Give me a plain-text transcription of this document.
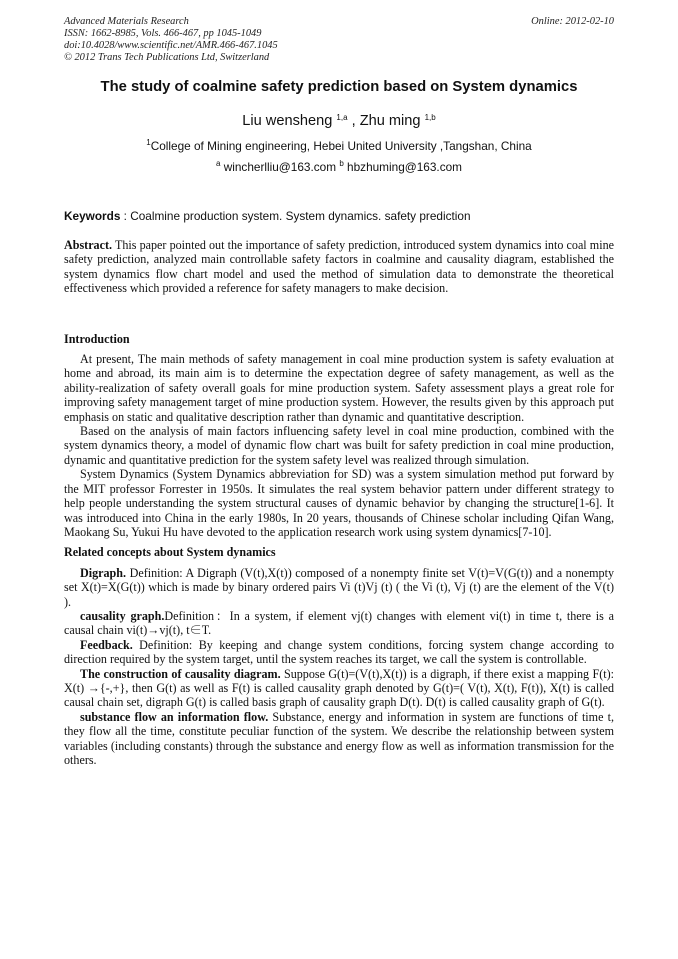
Advanced Materials Research
ISSN: 1662-8985, Vols. 466-467, pp 1045-1049
doi:10.4028/www.scientific.net/AMR.466-467.1045
© 2012 Trans Tech Publications Ltd, Switzerland
Online: 2012-02-10
The study of coalmine safety prediction based on System dynamics
Liu wensheng $^{1,a}$ , Zhu ming $^{1,b}$
$^1$College of Mining engineering, Hebei United University ,Tangshan, China
$^a$ wincherlliu@163.com $^b$ hbzhuming@163.com
Keywords : Coalmine production system. System dynamics. safety prediction

Abstract. This paper pointed out the importance of safety prediction, introduced system dynamics into coal mine safety prediction, analyzed main controllable safety factors in coalmine and causality diagram, established the system dynamics flow chart model and used the method of simulation data to demonstrate the theoretical effectiveness which provided a reference for safety managers to make decision.

Introduction

At present, The main methods of safety management in coal mine production system is safety evaluation at home and abroad, its main aim is to determine the expectation degree of safety management, as well as the ability-realization of safety overall goals for mine production system. Safety assessment plays a great role for improving safety management target of mine production system. However, the results given by this approach put emphasis on static and qualitative description rather than dynamic and quantitative description.

Based on the analysis of main factors influencing safety level in coal mine production, combined with the system dynamics theory, a model of dynamic flow chart was built for safety prediction in coal mine production, dynamic and quantitative prediction for the system safety level was realized through simulation.

System Dynamics (System Dynamics abbreviation for SD) was a system simulation method put forward by the MIT professor Forrester in 1950s. It simulates the real system behavior pattern under different strategy to help people understanding the system structural causes of dynamic behavior by changing the structure[1-6]. It was introduced into China in the early 1980s, In 20 years, thousands of Chinese scholar including Qifan Wang, Maokang Su, Yukui Hu have devoted to the application research work using system dynamics[7-10].

Related concepts about System dynamics

Digraph. Definition: A Digraph (V(t),X(t)) composed of a nonempty finite set V(t)=V(G(t)) and a nonempty set X(t)=X(G(t)) which is made by binary ordered pairs Vi (t)Vj (t) ( the Vi (t), Vj (t) are the element of the V(t) ).

causality graph.Definition：In a system, if element vj(t) changes with element vi(t) in time t, there is a causal chain vi(t)→vj(t), t∈T.

Feedback. Definition: By keeping and change system conditions, forcing system change according to direction required by the system target, until the system reaches its target, we call the system is controllable.

The construction of causality diagram. Suppose G(t)=(V(t),X(t)) is a digraph, if there exist a mapping F(t): X(t) →{-,+}, then G(t) as well as F(t) is called causality graph denoted by G(t)=( V(t), X(t), F(t)), X(t) is called causal chain set, digraph G(t) is called basis graph of causality graph D(t). D(t) is called causality graph of G(t).

substance flow an information flow. Substance, energy and information in system are functions of time t, they flow all the time, constitute peculiar function of the system. We describe the relationship between system variables (including constants) through the substance and energy flow as well as information transmission for the others.
